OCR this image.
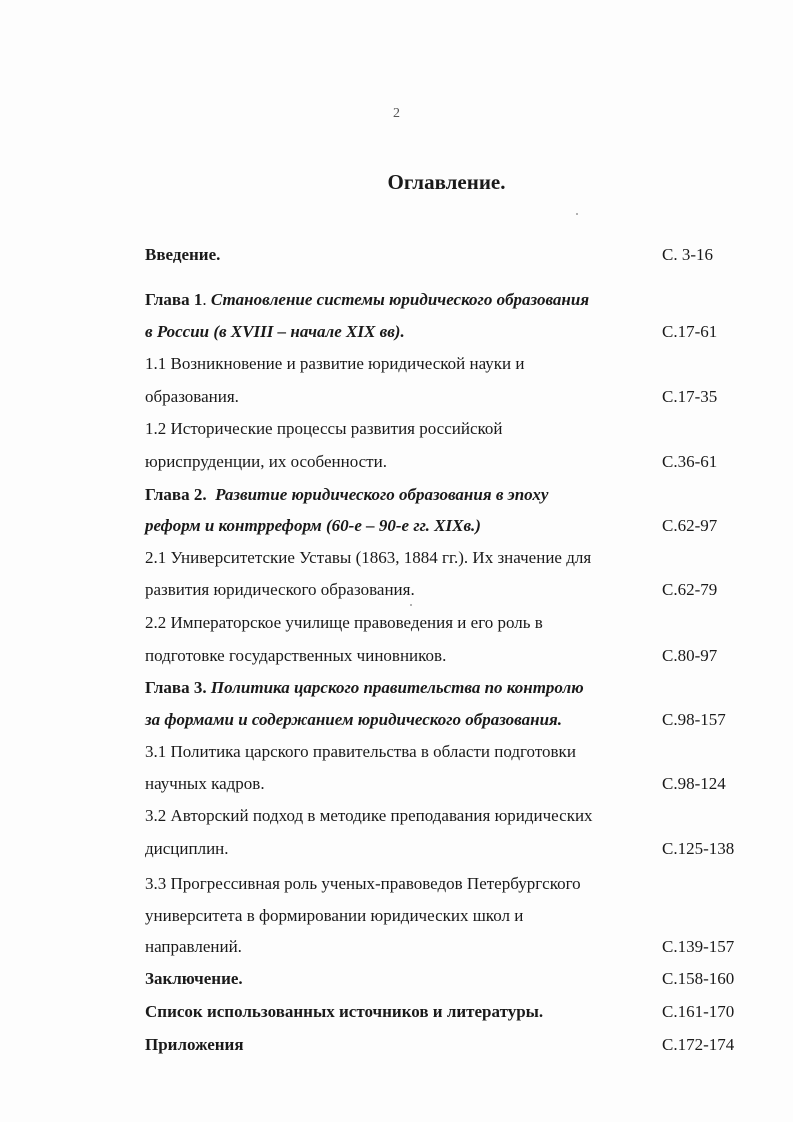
2
Оглавление.
Введение.	С. 3-16
Глава 1. Становление системы юридического образования
в России (в XVIII – начале XIX вв).	С.17-61
1.1 Возникновение и развитие юридической науки и
образования.	С.17-35
1.2 Исторические процессы развития российской
юриспруденции, их особенности.	С.36-61
Глава 2. Развитие юридического образования в эпоху
реформ и контрреформ (60-е – 90-е гг. XIXв.)	С.62-97
2.1 Университетские Уставы (1863, 1884 гг.). Их значение для
развития юридического образования.	С.62-79
2.2 Императорское училище правоведения и его роль в
подготовке государственных чиновников.	С.80-97
Глава 3. Политика царского правительства по контролю
за формами и содержанием юридического образования.	С.98-157
3.1 Политика царского правительства в области подготовки
научных кадров.	С.98-124
3.2 Авторский подход в методике преподавания юридических
дисциплин.	С.125-138
3.3 Прогрессивная роль ученых-правоведов Петербургского
университета в формировании юридических школ и
направлений.	С.139-157
Заключение.	С.158-160
Список использованных источников и литературы.	С.161-170
Приложения	С.172-174
